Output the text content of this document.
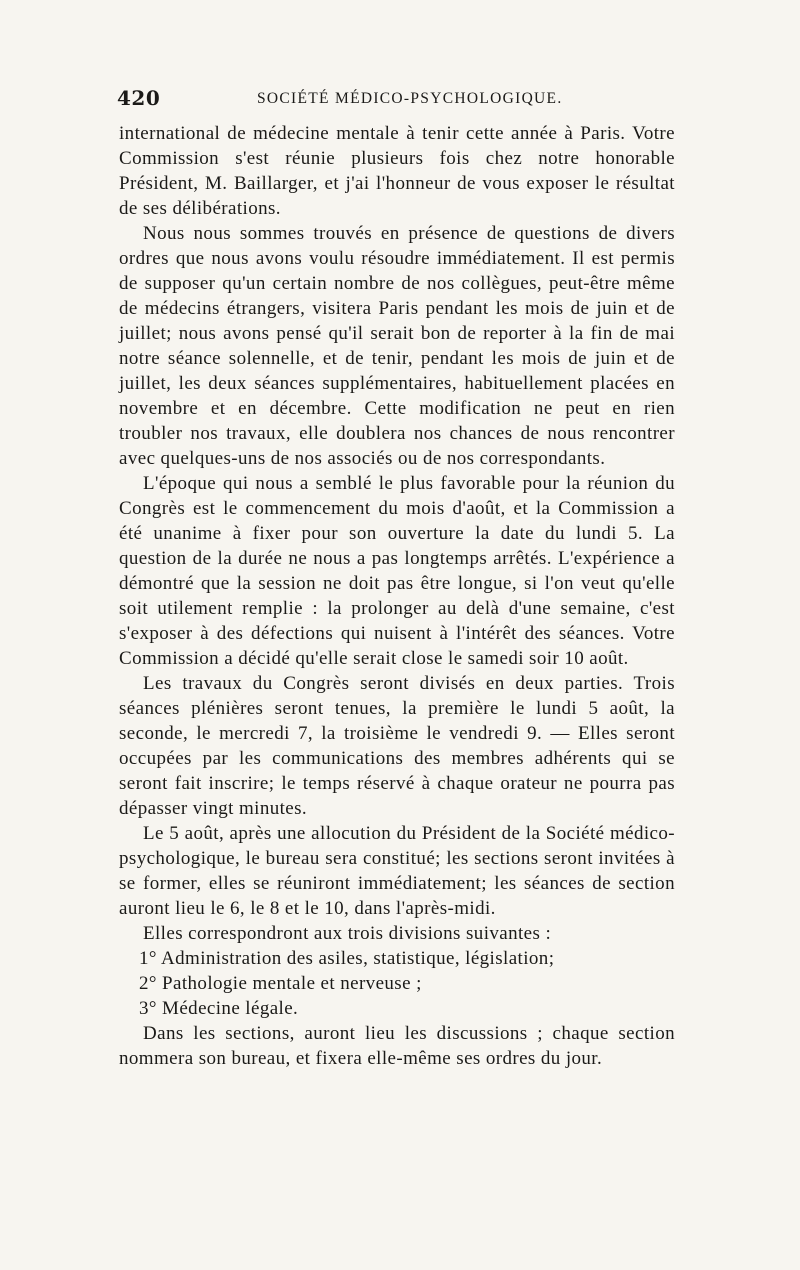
420	SOCIÉTÉ MÉDICO-PSYCHOLOGIQUE.

international de médecine mentale à tenir cette année à Paris. Votre Commission s'est réunie plusieurs fois chez notre honorable Président, M. Baillarger, et j'ai l'honneur de vous exposer le résultat de ses délibérations.

Nous nous sommes trouvés en présence de questions de divers ordres que nous avons voulu résoudre immédiatement. Il est permis de supposer qu'un certain nombre de nos collègues, peut-être même de médecins étrangers, visitera Paris pendant les mois de juin et de juillet; nous avons pensé qu'il serait bon de reporter à la fin de mai notre séance solennelle, et de tenir, pendant les mois de juin et de juillet, les deux séances supplémentaires, habituellement placées en novembre et en décembre. Cette modification ne peut en rien troubler nos travaux, elle doublera nos chances de nous rencontrer avec quelques-uns de nos associés ou de nos correspondants.

L'époque qui nous a semblé le plus favorable pour la réunion du Congrès est le commencement du mois d'août, et la Commission a été unanime à fixer pour son ouverture la date du lundi 5. La question de la durée ne nous a pas longtemps arrêtés. L'expérience a démontré que la session ne doit pas être longue, si l'on veut qu'elle soit utilement remplie : la prolonger au delà d'une semaine, c'est s'exposer à des défections qui nuisent à l'intérêt des séances. Votre Commission a décidé qu'elle serait close le samedi soir 10 août.

Les travaux du Congrès seront divisés en deux parties. Trois séances plénières seront tenues, la première le lundi 5 août, la seconde, le mercredi 7, la troisième le vendredi 9. — Elles seront occupées par les communications des membres adhérents qui se seront fait inscrire; le temps réservé à chaque orateur ne pourra pas dépasser vingt minutes.

Le 5 août, après une allocution du Président de la Société médico-psychologique, le bureau sera constitué; les sections seront invitées à se former, elles se réuniront immédiatement; les séances de section auront lieu le 6, le 8 et le 10, dans l'après-midi.

Elles correspondront aux trois divisions suivantes :

1° Administration des asiles, statistique, législation;

2° Pathologie mentale et nerveuse ;

3° Médecine légale.

Dans les sections, auront lieu les discussions ; chaque section nommera son bureau, et fixera elle-même ses ordres du jour.
